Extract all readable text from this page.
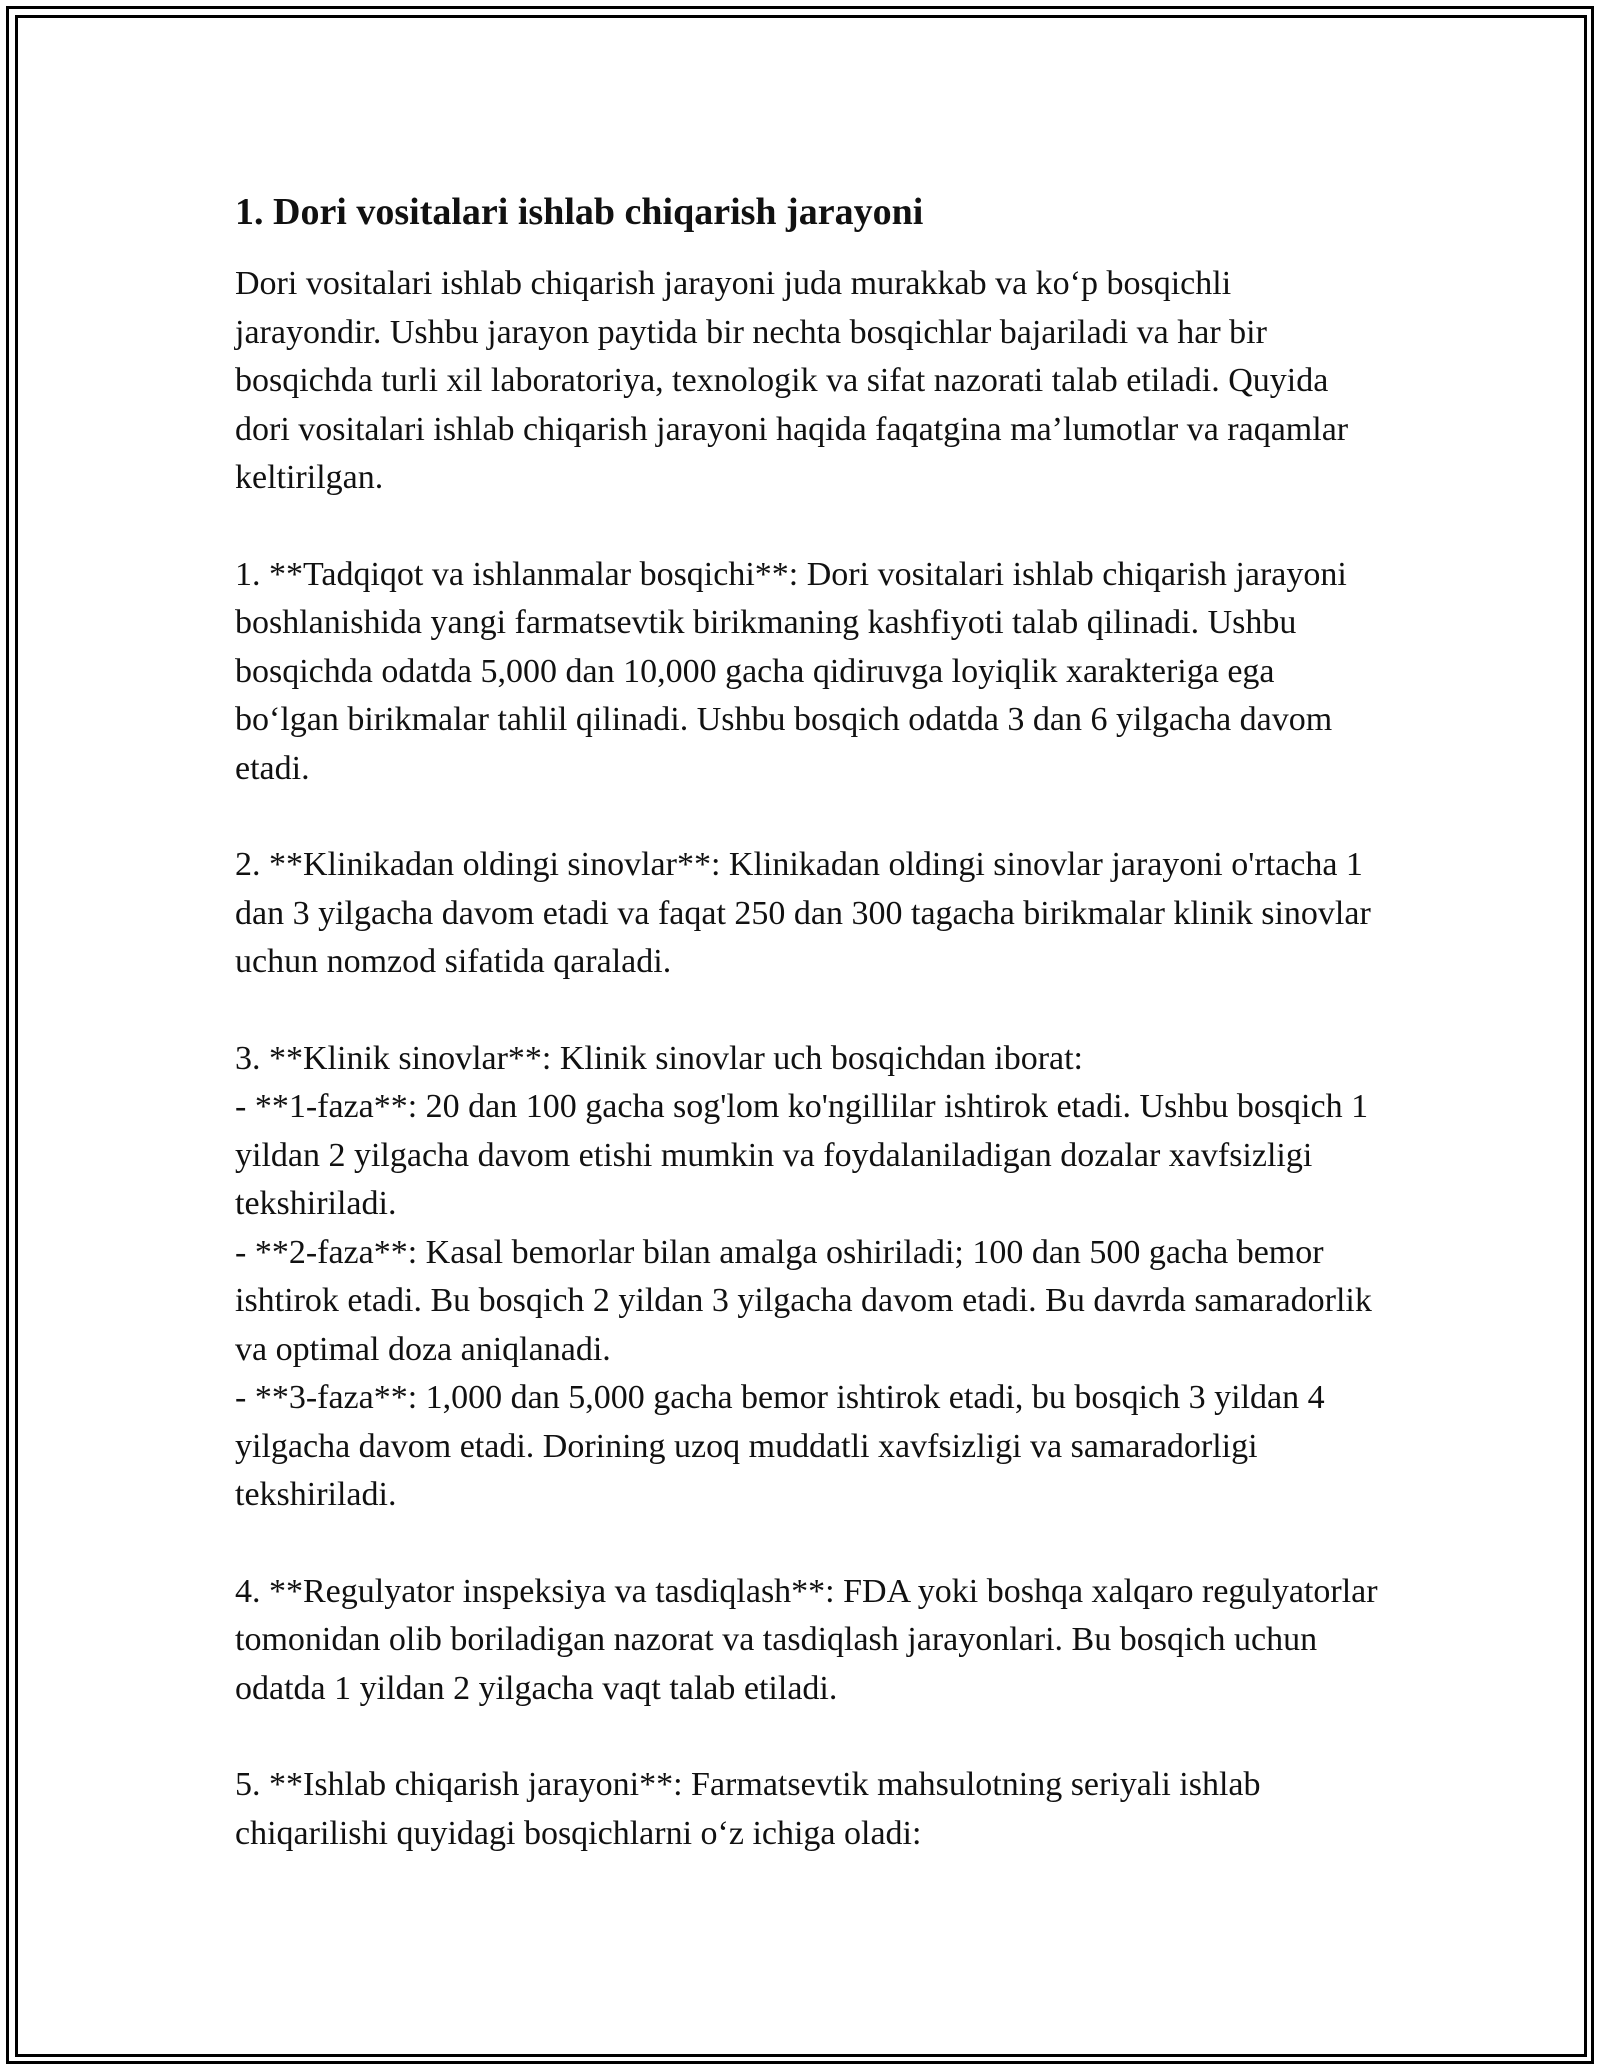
1. Dori vositalari ishlab chiqarish jarayoni

Dori vositalari ishlab chiqarish jarayoni juda murakkab va ko‘p bosqichli jarayondir. Ushbu jarayon paytida bir nechta bosqichlar bajariladi va har bir bosqichda turli xil laboratoriya, texnologik va sifat nazorati talab etiladi. Quyida dori vositalari ishlab chiqarish jarayoni haqida faqatgina ma’lumotlar va raqamlar keltirilgan.

1. **Tadqiqot va ishlanmalar bosqichi**: Dori vositalari ishlab chiqarish jarayoni boshlanishida yangi farmatsevtik birikmaning kashfiyoti talab qilinadi. Ushbu bosqichda odatda 5,000 dan 10,000 gacha qidiruvga loyiqlik xarakteriga ega bo‘lgan birikmalar tahlil qilinadi. Ushbu bosqich odatda 3 dan 6 yilgacha davom etadi.

2. **Klinikadan oldingi sinovlar**: Klinikadan oldingi sinovlar jarayoni o'rtacha 1 dan 3 yilgacha davom etadi va faqat 250 dan 300 tagacha birikmalar klinik sinovlar uchun nomzod sifatida qaraladi.

3. **Klinik sinovlar**: Klinik sinovlar uch bosqichdan iborat:
- **1-faza**: 20 dan 100 gacha sog'lom ko'ngillilar ishtirok etadi. Ushbu bosqich 1 yildan 2 yilgacha davom etishi mumkin va foydalaniladigan dozalar xavfsizligi tekshiriladi.
- **2-faza**: Kasal bemorlar bilan amalga oshiriladi; 100 dan 500 gacha bemor ishtirok etadi. Bu bosqich 2 yildan 3 yilgacha davom etadi. Bu davrda samaradorlik va optimal doza aniqlanadi.
- **3-faza**: 1,000 dan 5,000 gacha bemor ishtirok etadi, bu bosqich 3 yildan 4 yilgacha davom etadi. Dorining uzoq muddatli xavfsizligi va samaradorligi tekshiriladi.

4. **Regulyator inspeksiya va tasdiqlash**: FDA yoki boshqa xalqaro regulyatorlar tomonidan olib boriladigan nazorat va tasdiqlash jarayonlari. Bu bosqich uchun odatda 1 yildan 2 yilgacha vaqt talab etiladi.

5. **Ishlab chiqarish jarayoni**: Farmatsevtik mahsulotning seriyali ishlab chiqarilishi quyidagi bosqichlarni o‘z ichiga oladi:
